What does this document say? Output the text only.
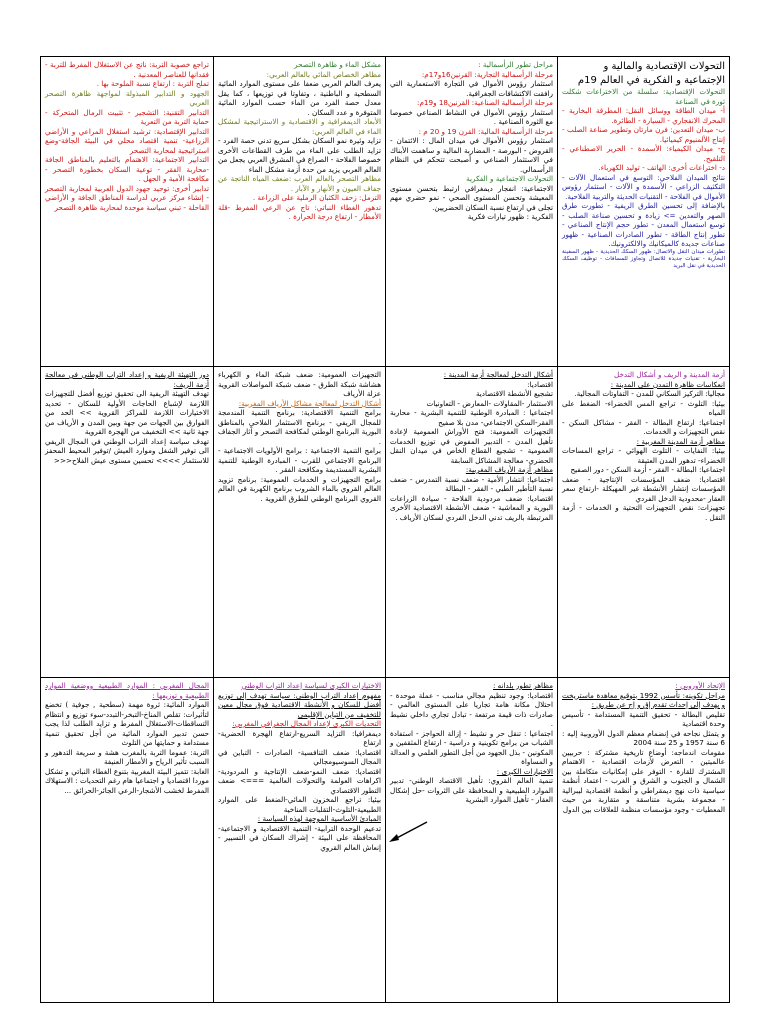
التحولات الإقتصادية والمالية و
الإجتماعية و الفكرية في العالم 19م
التحولات الإقتصادية: سلسلة من الاختراعات شكلت ثورة في الصناعة
أ- ميدان الطاقة ووسائل النقل: المطرقة البخارية - المحرك الانفجاري - السيارة - الطائرة.
ب- ميدان التعدين: فرن مارتان وتطوير صناعة الصلب - إنتاج الألمنيوم كيميائيا.
ج- ميدان الكيمياء: الأسمدة - الحرير الاصطناعي - التلقيح.
د- اختراعات أخرى: الهاتف - توليد الكهرباء.
نتائج الميدان الفلاحي: التوسع في استعمال الآلات - التكثيف الزراعي - الأسمدة و الآلات - استثمار رؤوس الأموال في الفلاحة - التقنيات الحديثة والتربية الفلاحية.
بالإضافة إلى تحسين الطرق الريفية - تطورت طرق الصهر والتعدين => زيادة و تحسين صناعة الصلب - توسع استعمال المعدن - تطور حجم الإنتاج الصناعي - تطور إنتاج الطاقة - تطور الصادرات الصناعية - ظهور صناعات جديدة كالميكانيك والالكترونيك.
تطورات ميدان النقل والاتصال: ظهور السكك الحديدية - ظهور السفينة البخارية - تقنيات جديدة للاتصال وتجاوز للمسافات - توظيف السكك الحديدية في نقل البريد
مراحل تطور الرأسمالية :
مرحلة الرأسمالية التجارية: القرنين16و17م:
استثمار رؤوس الأموال في التجارة الاستعمارية التي رافقت الاكتشافات الجغرافية.
مرحلة الرأسمالية الصناعية: القرنين18 و19م:
استثمار رؤوس الأموال في النشاط الصناعي خصوصا مع الثورة الصناعية .
مرحلة الرأسمالية المالية: القرن 19 و 20 م :
استثمار رؤوس الأموال في ميدان المال : الائتمان - القروض - البورصة - المضاربة المالية و ساهمت الأبناك في الاستثمار الصناعي و أصبحت تتحكم في النظام الرأسمالي.
التحولات الاجتماعية و الفكرية
الاجتماعية: انفجار ديمغرافي ارتبط بتحسن مستوى المعيشة وتحسن المستوى الصحي - نمو حضري مهم تجلى في ارتفاع نسبة السكان الحضريين.
الفكرية : ظهور تيارات فكرية
مشكل الماء و ظاهرة التصحر
مظاهر الخصاص المائي بالعالم العربي:
يعرف العالم العربي ضعفا على مستوى الموارد المائية السطحية و الباطنية ، وتفاوتا في توزيعها ، كما يقل معدل حصة الفرد من الماء حسب الموارد المائية المتوفرة و عدد السكان .
الأبعاد الديمغرافية و الاقتصادية و الاستراتيجية لمشكل الماء في العالم العربي:
تزايد وثيرة نمو السكان بشكل سريع تدني حصة الفرد - تزايد الطلب على الماء من طرف القطاعات الأخرى خصوصا الفلاحة - الصراع في المشرق العربي يجعل من العالم العربي يزيد من حدة أزمة مشكل الماء
مظاهر التصحر بالعالم العرب :ضعف المياه الناتجة عن جفاف العيون و الأنهار و الآبار .
الترمل: زحف الكثبان الرملية على الزراعة .
تدهور الغطاء النباتي: تاج عن الرعي المفرط -قلة الأمطار - ارتفاع درجة الحرارة .
تراجع خصوبة التربة: ناتج عن الاستغلال المفرط للتربة - فقدانها للعناصر المعدنية .
تملح التربة : ارتفاع نسبة الملوحة بها .
الجهود و التدابير المبذولة لمواجهة ظاهرة التصحر العربي
التدابير التقنية: التشجير - تثبيت الرمال المتحركة - حماية التربة من التعرية
التدابير الإقتصادية: ترشيد استغلال المراعي و الأراضي الزراعية- تنمية اقتصاد محلي في البيئة الجافة-وضع استراتيجية لمحاربة التصحر
التدابير الاجتماعية: الاهتمام بالتعليم بالمناطق الجافة -محاربة الفقر - توعية السكان بخطورة التصحر - مكافحة الأمية و الجهل .
تدابير أخرى: توحيد جهود الدول العربية لمحاربة التصحر - إنشاء مركز عربي لدراسة المناطق الجافة و الأراضي القاحلة - تبني سياسة موحدة لمحاربة ظاهرة التصحر
أزمة المدينة و الريف و أشكال التدخل
انعكاسات ظاهرة التمدن على المدينة :
مجاليا: التركيز السكاني للمدن - التفاوتات المجالية.
بيئيا: التلوث - تراجع المس الخضراء- الضغط على المياه
اجتماعيا: ارتفاع البطالة - الفقر - مشاكل السكن - نقص التجهيزات و الخدمات.
مظاهر أزمة المدينة المغربية :
بيئيا: النفايات - التلوث الهوائي - تراجع المساحات الخضراء- تدهور المدن العتيقة
اجتماعيا: البطالة - الفقر - أزمة السكن - دور الصفيح
اقتصاديا: ضعف المؤسسات الإنتاجية - ضعف المؤسسات إنتشار الأنشطة غير المهيكلة -ارتفاع سعر العقار -محدودية الدخل الفردي
تجهيزات: نقص التجهيزات التحتية و الخدمات - أزمة النقل .
أشكال التدخل لمعالجة أزمة المدينة :
اقتصاديا:
تشجيع الأنشطة الاقتصادية
الاستثمار -المقاولات -المعارض - التعاونيات
اجتماعيا : المبادرة الوطنية للتنمية البشرية - محاربة الفقر-السكن الاجتماعي- مدن بلا صفيح
التجهيزات العمومية: فتح الأوراش العمومية لإعادة تأهيل المدن - التدبير المفوض في توزيع الخدمات العمومية - تشجيع القطاع الخاص في ميدان النقل الحضري- معالجة المشاكل السابقة
مظاهر أزمة الأرياف المغربية:
اجتماعيا: انتشار الأمية - ضعف نسبة التمدرس - ضعف نسبة التأطير الطبي - الفقر - البطالة
اقتصاديا: ضعف مردودية الفلاحة - سيادة الزراعات البورية و المعاشية - ضعف الأنشطة الاقتصادية الأخرى المرتبطة بالريف تدني الدخل الفردي لسكان الأرياف .
التجهيزات العمومية: ضعف شبكة الماء و الكهرباء هشاشة شبكة الطرق - ضعف شبكة المواصلات القروية عزلة الأرياف
أشكال التدخل لمعالجة مشاكل الأرياف المغربية:
برامج التنمية الاقتصادية: برنامج التنمية المندمجة للمجال الريفي - برنامج الاستثمار الفلاحي بالمناطق البورية البرنامج الوطني لمكافحة التصحر و آثار الجفاف .
برامج التنمية الاجتماعية : برامج الأولويات الاجتماعية - البرنامج الاجتماعي للقرب - المبادرة الوطنية للتنمية البشرية المستديمة ومكافحة الفقر .
برامج التجهيزات و الخدمات العمومية: برنامج تزويد العالم القروي بالماء الشروب برنامج الكهربة في العالم القروي البرنامج الوطني للطرق القروية .
دور التهيئة الريفية و إعداد التراب الوطني في معالجة أزمة الريف:
تهدف التهيئة الريفية الى تحقيق توزيع أفضل للتجهيزات اللازمة لإشباع الحاجات الأولية للسكان - تحديد الاختيارات اللازمة للمراكز القروية >> الحد من الفوارق بين الجهات من جهة وبين المدن و الأرياف من جهة ثانية >> التخفيف من الهجرة القروية
تهدف سياسة إعداد التراب الوطني في المجال الريفي الى توفير الشغل وموارد العيش /توفير المحيط المحفز للاستثمار >>>> تحسين مستوى عيش الفلاح<<<
الإتحاد الأوروبي :
مراحل تكوينه: تأسس 1992 بتوقيع معاهدة ماستريخت و يهدف إلى إحداث تقدم إق و إج عن طريق :
تقليص البطالة - تحقيق التنمية المستدامة - تأسيس وحدة اقتصادية
و يتمثل نجاحه في إنضمام معظم الدول الأوروبية إليه : 6 سنة 1957 و 25 سنة 2004
مقومات اندماجه: أوضاع تاريخية مشتركة : حربيين عالميتين - التعرض لأزمات اقتصادية - الاهتمام المشترك للقارة - التوفر على إمكانيات متكاملة بين الشمال و الجنوب و الشرق و الغرب - اعتماد أنظمة سياسية ذات نهج ديمقراطي و أنظمة اقتصادية ليبرالية - مجموعة بشرية متناسقة و متقاربة من حيث المعطيات - وجود مؤسسات منظمة للعلاقات بين الدول
مظاهر تطور بلدانه :
اقتصاديا: وجود تنظيم مجالي مناسب - عملة موحدة - احتلال مكانة هامة تجاريا على المستوى العالمي - صادرات ذات قيمة مرتفعة - تبادل تجاري داخلي نشيط .
اجتماعيا : تنقل حر و نشيط - إزالة الحواجز - استفادة الشباب من برامج تكوينية و دراسية - ارتفاع المثقفين و المكونين - بذل الجهود من أجل التطور العلمي و العدالة و المساواة
الاختيارات الكبرى :
تنمية العالم القروي: تأهيل الاقتصاد الوطني- تدبير الموارد الطبيعية و المحافظة على الثروات -حل إشكال العقار - تأهيل الموارد البشرية
الاختيارات الكبرى لسياسة إعداد التراب الوطني
مفهوم إعداد التراب الوطني: سياسة تهدف إلى توزيع أفضل للسكان و الأنشطة الاقتصادية فوق مجال معين للتخفيف من التباين الإقليمي
التحديات الكبرى لإعداد المجال الجغرافي المغربي:
ديمغرافيا: التزايد السريع-ارتفاع الهجرة الحضرية- ارتفاع
اقتصاديا: ضعف التنافسية- الصادرات - التباين في المجال السوسيومجالي
اقتصاديا: ضعف النمو-ضعف الإنتاجية و المردودية-اكراهات العولمة والتحولات العالمية ===> ضعف التطور الاقتصادي
بيئيا: تراجع المخزون المائي-الضغط على الموارد الطبيعية-التلوث-التقلبات المناخية
المبادئ الأساسية الموجهة لهذه السياسة :
تدعيم الوحدة الترابية- التنمية الاقتصادية و الاجتماعية- المحافظة على البيئة - إشراك السكان في التسيير - إنعاش العالم القروي
المجال المغربي : الموارد الطبيعية ووضعية الموارد الطبيعية و توزيعها :
الموارد المائية: ثروة مهمة (سطحية , جوفية ) تخضع لتأثيرات: تقلص المناخ-التبخر-التبدد-سوء توزيع و انتظام التساقطات-الاستغلال المفرط و تزايد الطلب لذا يجب حسن تدبير الموارد المائية من أجل تحقيق تنمية مستدامة و حمايتها من التلوث
التربة: عموما التربة بالمغرب هشة و سريعة التدهور و السبب تأثير الرياح و الأمطار العنيفة
الغابة: تتميز البيئة المغربية بتنوع الغطاء النباتي و تشكل موردا اقتصاديا و اجتماعيا هام رغم التحديات : الاستهلاك المفرط لخشب الأشجار-الرعي الجائر-الحرائق ...
